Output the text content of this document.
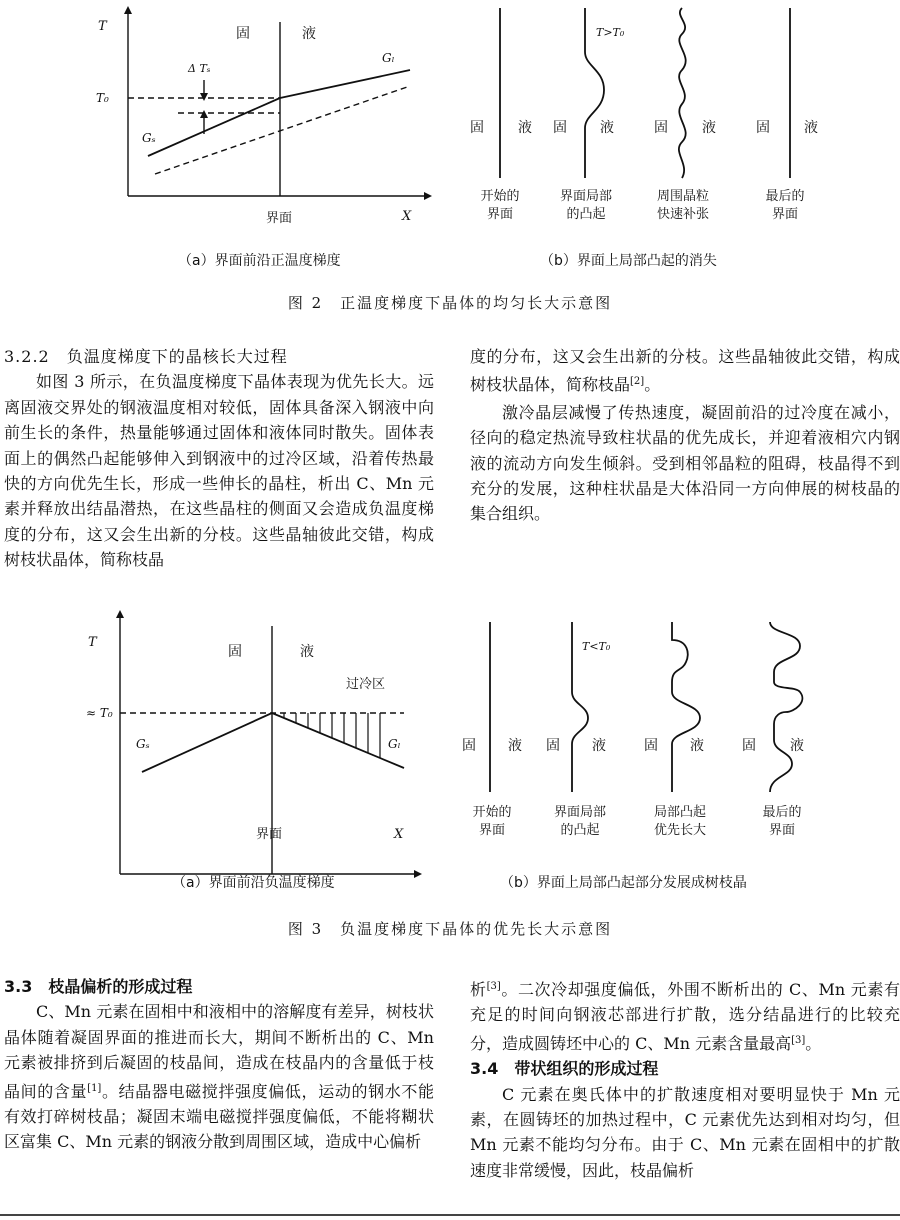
T
T₀
固	液
Gₗ
Gₛ
Δ Tₛ
界面	X
T>T₀
固 液 固 液	固 液	固 液
开始的
界面
界面局部
的凸起
周围晶粒
快速补张
最后的
界面
（a）界面前沿正温度梯度	（b）界面上局部凸起的消失
图 2　正温度梯度下晶体的均匀长大示意图

3.2.2　负温度梯度下的晶核长大过程

如图 3 所示，在负温度梯度下晶体表现为优先长大。远离固液交界处的钢液温度相对较低，固体具备深入钢液中向前生长的条件，热量能够通过固体和液体同时散失。固体表面上的偶然凸起能够伸入到钢液中的过冷区域，沿着传热最快的方向优先生长，形成一些伸长的晶柱，析出 C、Mn 元素并释放出结晶潜热，在这些晶柱的侧面又会造成负温度梯度的分布，这又会生出新的分枝。这些晶轴彼此交错，构成树枝状晶体，简称枝晶

度的分布，这又会生出新的分枝。这些晶轴彼此交错，构成树枝状晶体，简称枝晶[2]。

激冷晶层减慢了传热速度，凝固前沿的过冷度在减小，径向的稳定热流导致柱状晶的优先成长，并迎着液相穴内钢液的流动方向发生倾斜。受到相邻晶粒的阻碍，枝晶得不到充分的发展，这种柱状晶是大体沿同一方向伸展的树枝晶的集合组织。

T
≈ T₀
固	液
过冷区
Gₛ	Gₗ
界面	X
T<T₀
固 液 固 液	固 液	固 液
开始的
界面
界面局部
的凸起
局部凸起
优先长大
最后的
界面
（a）界面前沿负温度梯度	（b）界面上局部凸起部分发展成树枝晶
图 3　负温度梯度下晶体的优先长大示意图

3.3　枝晶偏析的形成过程

C、Mn 元素在固相中和液相中的溶解度有差异，树枝状晶体随着凝固界面的推进而长大，期间不断析出的 C、Mn 元素被排挤到后凝固的枝晶间，造成在枝晶内的含量低于枝晶间的含量[1]。结晶器电磁搅拌强度偏低，运动的钢水不能有效打碎树枝晶；凝固末端电磁搅拌强度偏低，不能将糊状区富集 C、Mn 元素的钢液分散到周围区域，造成中心偏析

析[3]。二次冷却强度偏低，外围不断析出的 C、Mn 元素有充足的时间向钢液芯部进行扩散，选分结晶进行的比较充分，造成圆铸坯中心的 C、Mn 元素含量最高[3]。

3.4　带状组织的形成过程

C 元素在奥氏体中的扩散速度相对要明显快于 Mn 元素，在圆铸坯的加热过程中，C 元素优先达到相对均匀，但 Mn 元素不能均匀分布。由于 C、Mn 元素在固相中的扩散速度非常缓慢，因此，枝晶偏析
